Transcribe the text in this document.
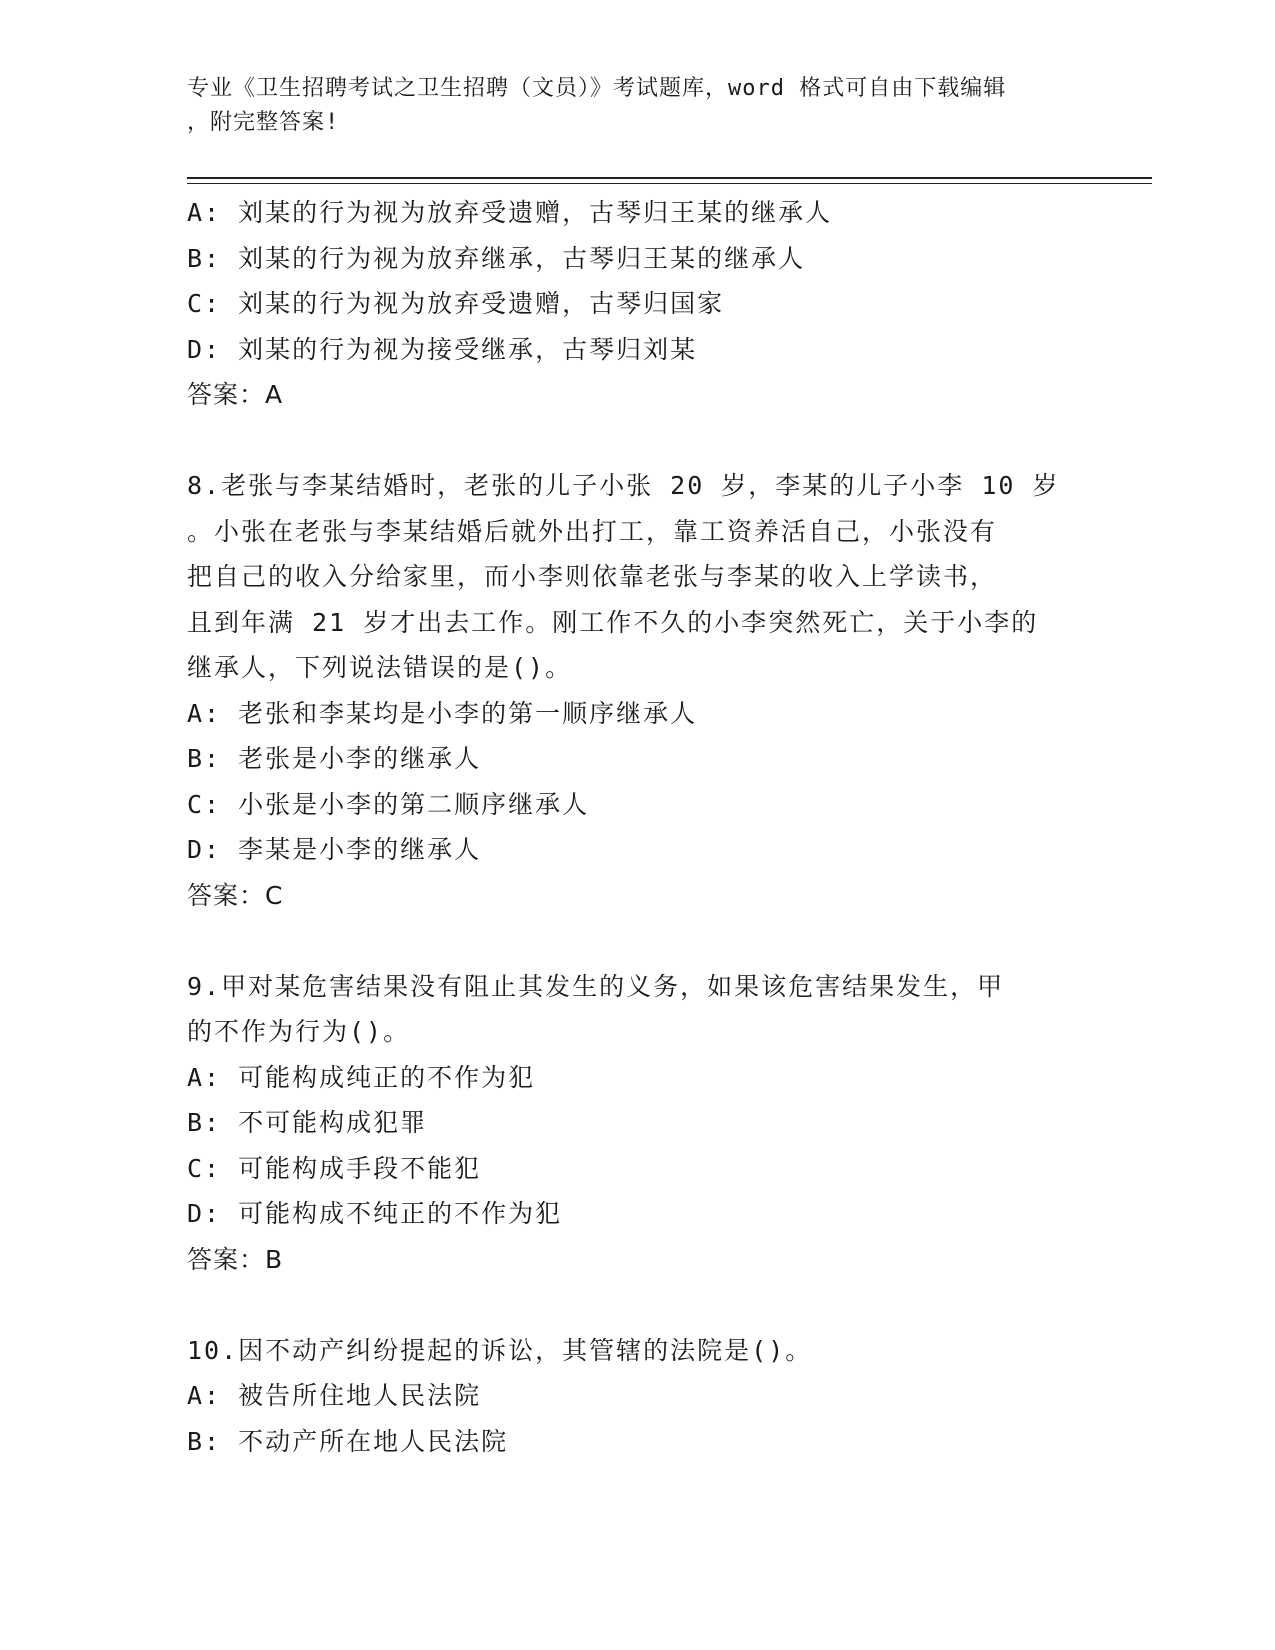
专业《卫生招聘考试之卫生招聘（文员）》考试题库，word 格式可自由下载编辑
，附完整答案!
A: 刘某的行为视为放弃受遗赠，古琴归王某的继承人
B: 刘某的行为视为放弃继承，古琴归王某的继承人
C: 刘某的行为视为放弃受遗赠，古琴归国家
D: 刘某的行为视为接受继承，古琴归刘某
答案：A
8.老张与李某结婚时，老张的儿子小张 20 岁，李某的儿子小李 10 岁
。小张在老张与李某结婚后就外出打工，靠工资养活自己，小张没有
把自己的收入分给家里，而小李则依靠老张与李某的收入上学读书，
且到年满 21 岁才出去工作。刚工作不久的小李突然死亡，关于小李的
继承人，下列说法错误的是()。
A: 老张和李某均是小李的第一顺序继承人
B: 老张是小李的继承人
C: 小张是小李的第二顺序继承人
D: 李某是小李的继承人
答案：C
9.甲对某危害结果没有阻止其发生的义务，如果该危害结果发生，甲
的不作为行为()。
A: 可能构成纯正的不作为犯
B: 不可能构成犯罪
C: 可能构成手段不能犯
D: 可能构成不纯正的不作为犯
答案：B
10.因不动产纠纷提起的诉讼，其管辖的法院是()。
A: 被告所住地人民法院
B: 不动产所在地人民法院
